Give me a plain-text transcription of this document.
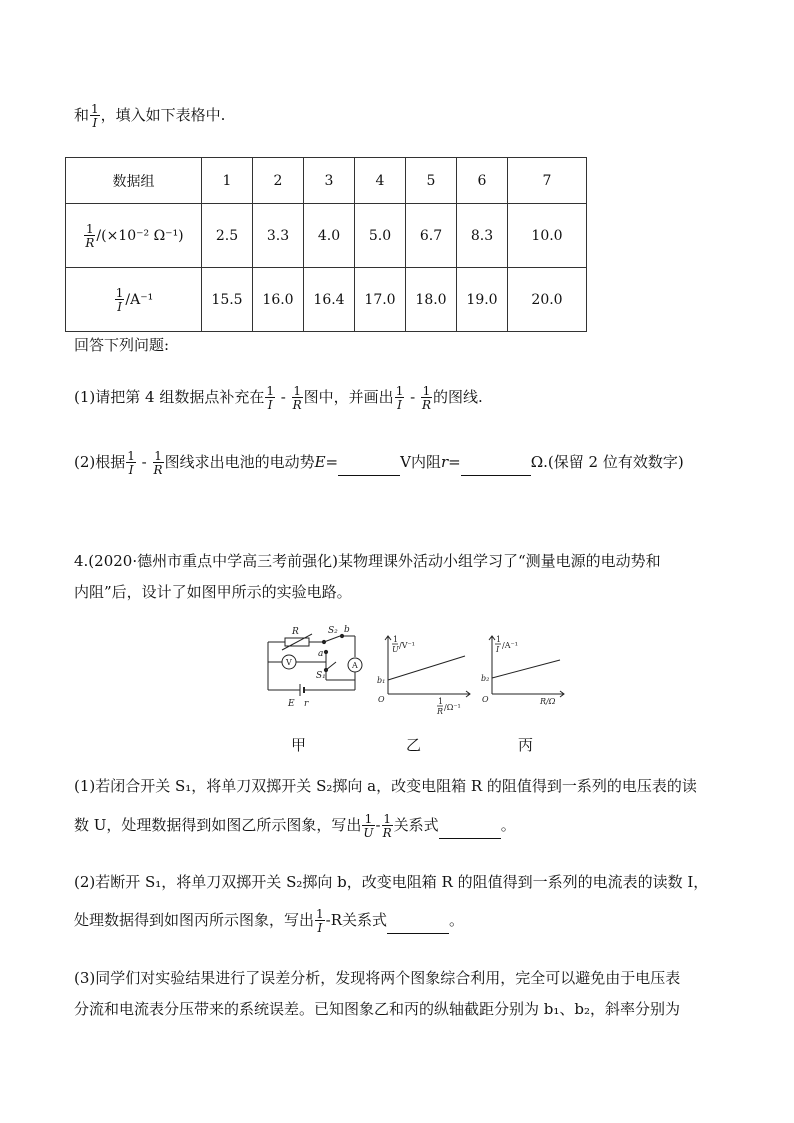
和 $\frac{1}{I}$ ，填入如下表格中.
数据组	1	2	3	4	5	6	7

$\frac{1}{R} /(\times 10^{-2}$ Ω⁻¹)	2.5	3.3	4.0	5.0	6.7	8.3	10.0

$\frac{1}{I} /A^{-1}$	15.5	16.0	16.4	17.0	18.0	19.0	20.0
回答下列问题:
(1)请把第 4 组数据点补充在 $\frac{1}{I} - \frac{1}{R}$ 图中，并画出 $\frac{1}{I} - \frac{1}{R}$ 的图线.
(2)根据 $\frac{1}{I} - \frac{1}{R}$ 图线求出电池的电动势E=	V内阻r=	Ω.(保留 2 位有效数字)
4.(2020·德州市重点中学高三考前强化)某物理课外活动小组学习了“测量电源的电动势和
内阻”后，设计了如图甲所示的实验电路。
R	S₂ b
a
V	A
S₁
E r
1
U /V⁻¹
b₁
O	1
R /Ω⁻¹
1
I /A⁻¹
b₂
O	R/Ω
甲	乙	丙
(1)若闭合开关 S₁，将单刀双掷开关 S₂掷向 a，改变电阻箱 R 的阻值得到一系列的电压表的读
数 U，处理数据得到如图乙所示图象，写出 $\frac{1}{U} - \frac{1}{R}$ 关系式	。
(2)若断开 S₁，将单刀双掷开关 S₂掷向 b，改变电阻箱 R 的阻值得到一系列的电流表的读数 I，
处理数据得到如图丙所示图象，写出 $\frac{1}{I} -R$关系式	。
(3)同学们对实验结果进行了误差分析，发现将两个图象综合利用，完全可以避免由于电压表
分流和电流表分压带来的系统误差。已知图象乙和丙的纵轴截距分别为 b₁、b₂，斜率分别为
